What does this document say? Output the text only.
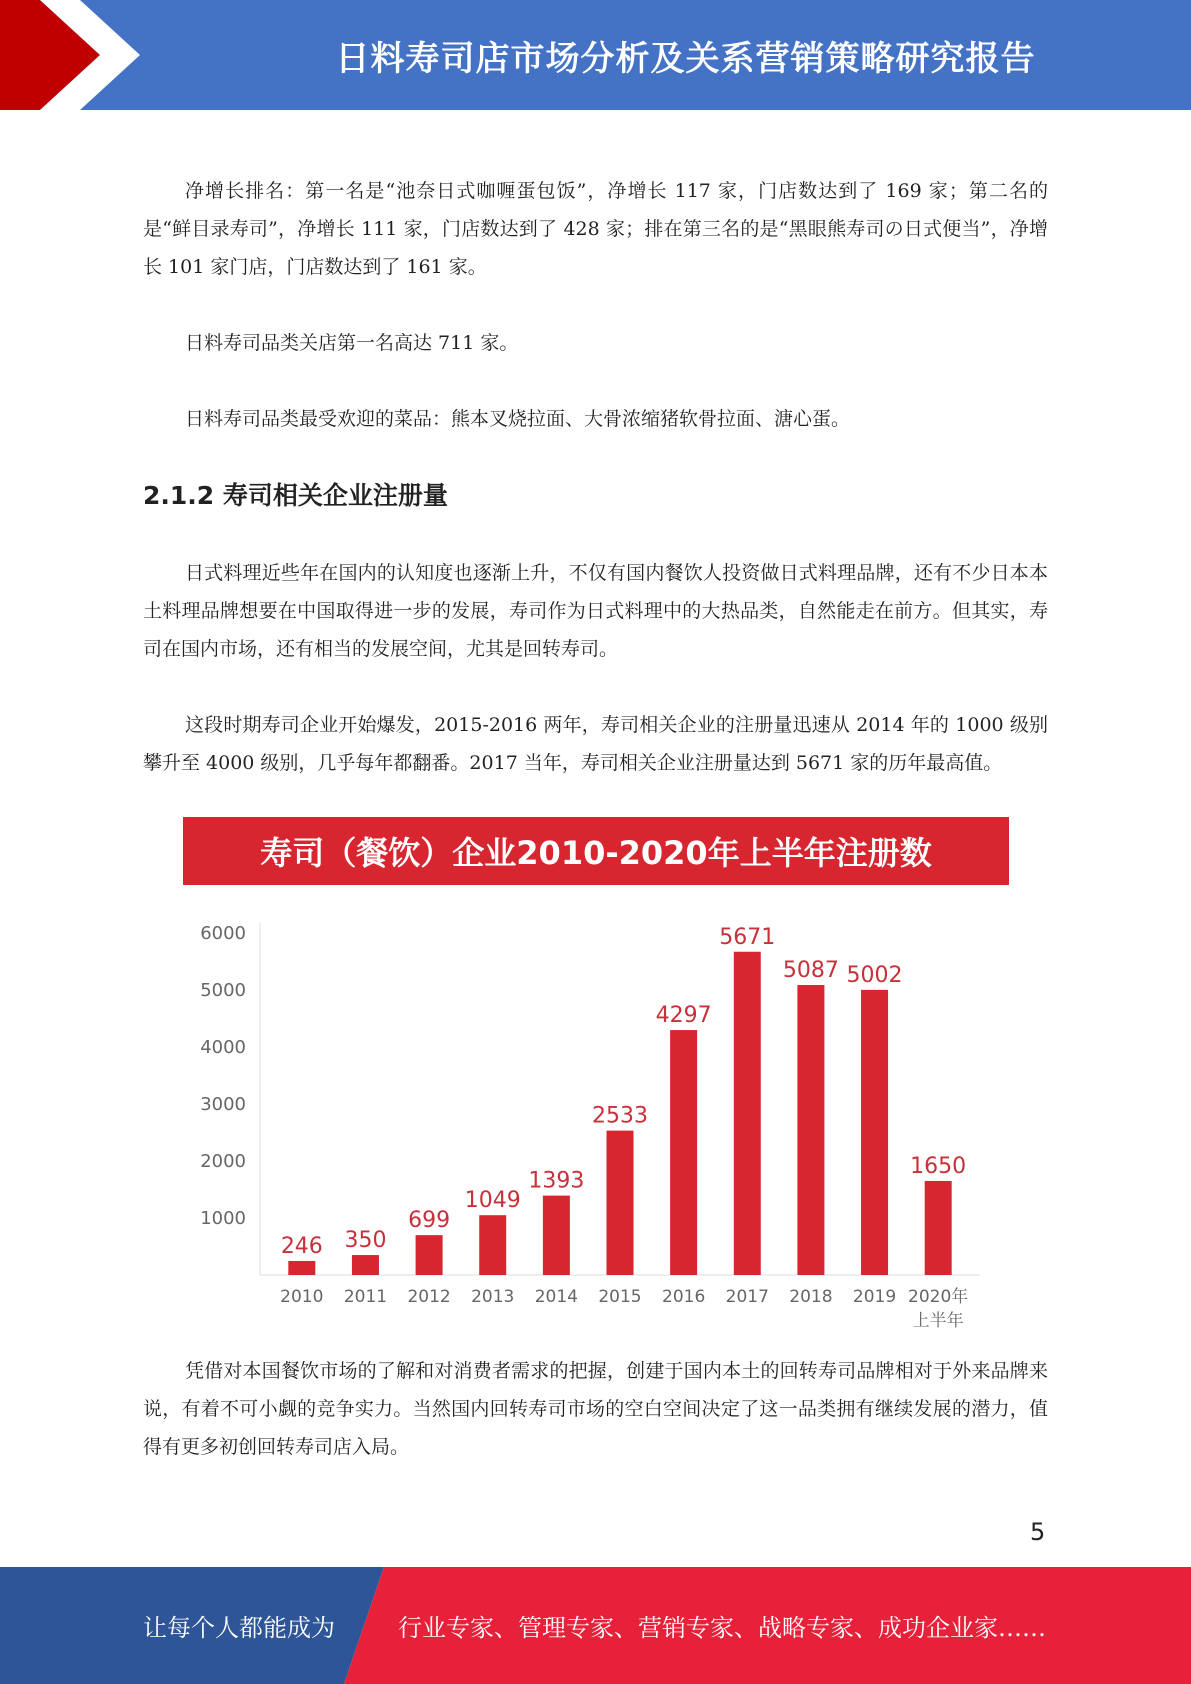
日料寿司店市场分析及关系营销策略研究报告

净增长排名：第一名是“池奈日式咖喱蛋包饭”，净增长 117 家，门店数达到了 169 家；第二名的是“鲜目录寿司”，净增长 111 家，门店数达到了 428 家；排在第三名的是“黑眼熊寿司の日式便当”，净增长 101 家门店，门店数达到了 161 家。

日料寿司品类关店第一名高达 711 家。

日料寿司品类最受欢迎的菜品：熊本叉烧拉面、大骨浓缩猪软骨拉面、溏心蛋。

2.1.2 寿司相关企业注册量

日式料理近些年在国内的认知度也逐渐上升，不仅有国内餐饮人投资做日式料理品牌，还有不少日本本土料理品牌想要在中国取得进一步的发展，寿司作为日式料理中的大热品类，自然能走在前方。但其实，寿司在国内市场，还有相当的发展空间，尤其是回转寿司。

这段时期寿司企业开始爆发，2015-2016 两年，寿司相关企业的注册量迅速从 2014 年的 1000 级别攀升至 4000 级别，几乎每年都翻番。2017 当年，寿司相关企业注册量达到 5671 家的历年最高值。

寿司（餐饮）企业2010-2020年上半年注册数
1000
2000
3000
4000
5000
6000
246
2010
350
2011
699
2012
1049
2013
1393
2014
2533
2015
4297
2016
5671
2017
5087
2018
5002
2019
1650
2020年上半年

凭借对本国餐饮市场的了解和对消费者需求的把握，创建于国内本土的回转寿司品牌相对于外来品牌来说，有着不可小觑的竞争实力。当然国内回转寿司市场的空白空间决定了这一品类拥有继续发展的潜力，值得有更多初创回转寿司店入局。

5
让每个人都能成为	行业专家、管理专家、营销专家、战略专家、成功企业家……
